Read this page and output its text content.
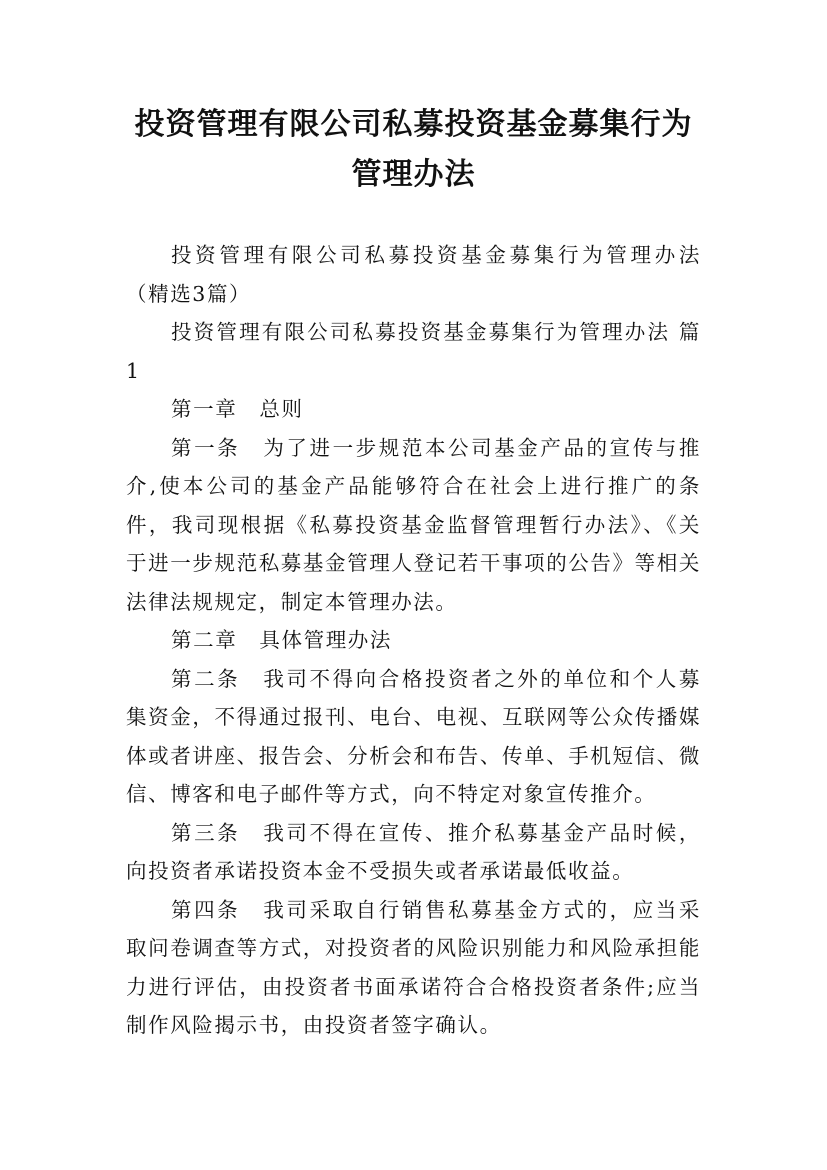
投资管理有限公司私募投资基金募集行为
管理办法

投资管理有限公司私募投资基金募集行为管理办法（精选3篇）

投资管理有限公司私募投资基金募集行为管理办法 篇1

第一章　总则

第一条　为了进一步规范本公司基金产品的宣传与推介,使本公司的基金产品能够符合在社会上进行推广的条件，我司现根据《私募投资基金监督管理暂行办法》、《关于进一步规范私募基金管理人登记若干事项的公告》等相关法律法规规定，制定本管理办法。

第二章　具体管理办法

第二条　我司不得向合格投资者之外的单位和个人募集资金，不得通过报刊、电台、电视、互联网等公众传播媒体或者讲座、报告会、分析会和布告、传单、手机短信、微信、博客和电子邮件等方式，向不特定对象宣传推介。

第三条　我司不得在宣传、推介私募基金产品时候，向投资者承诺投资本金不受损失或者承诺最低收益。

第四条　我司采取自行销售私募基金方式的，应当采取问卷调查等方式，对投资者的风险识别能力和风险承担能力进行评估，由投资者书面承诺符合合格投资者条件;应当制作风险揭示书，由投资者签字确认。
